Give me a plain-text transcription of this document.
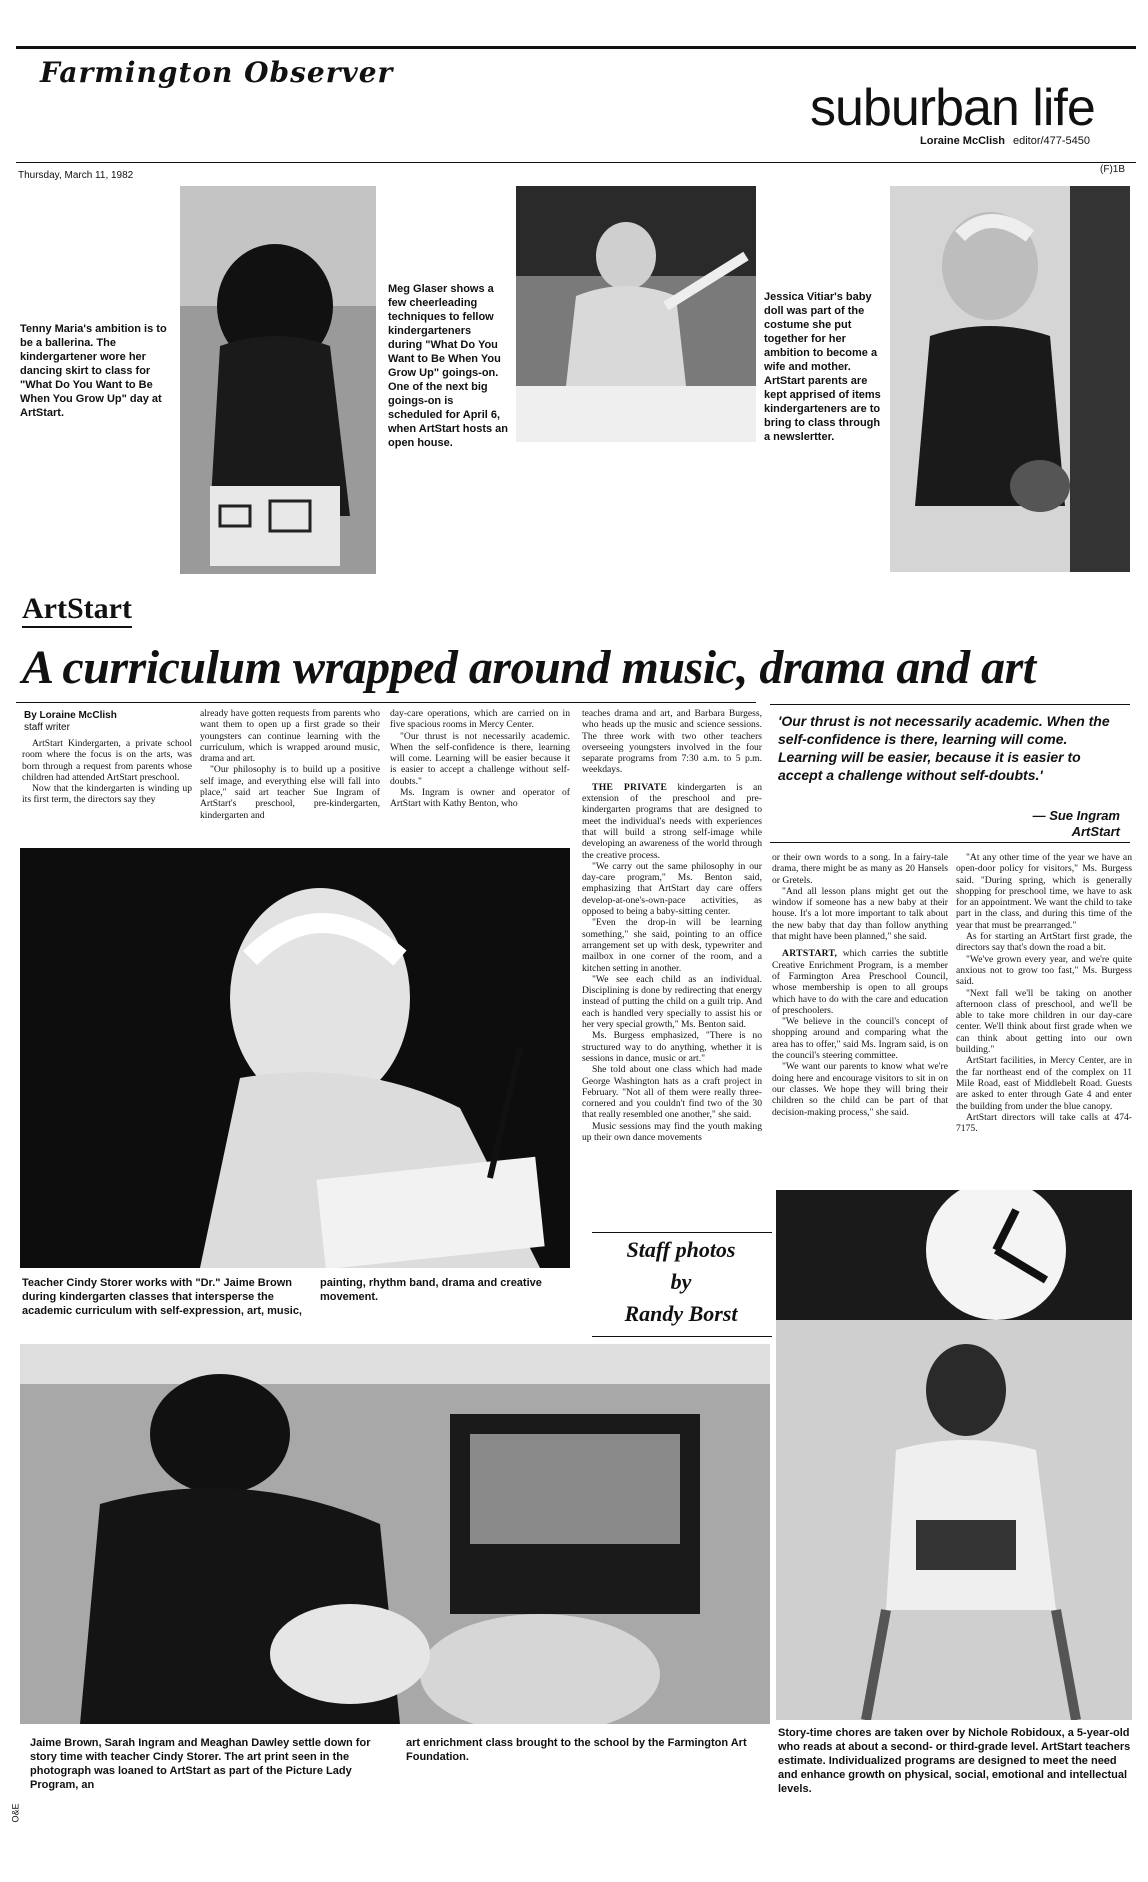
Farmington Observer
suburban life
Loraine McClish editor/477-5450
Thursday, March 11, 1982
(F)1B

Tenny Maria's ambition is to be a ballerina. The kindergartener wore her dancing skirt to class for "What Do You Want to Be When You Grow Up" day at ArtStart.

Meg Glaser shows a few cheerleading techniques to fellow kindergarteners during "What Do You Want to Be When You Grow Up" goings-on. One of the next big goings-on is scheduled for April 6, when ArtStart hosts an open house.

Jessica Vitiar's baby doll was part of the costume she put together for her ambition to become a wife and mother. ArtStart parents are kept apprised of items kindergarteners are to bring to class through a newslertter.

ArtStart
A curriculum wrapped around music, drama and art
By Loraine McClish
staff writer

ArtStart Kindergarten, a private school room where the focus is on the arts, was born through a request from parents whose children had attended ArtStart preschool.

Now that the kindergarten is winding up its first term, the directors say they

already have gotten requests from parents who want them to open up a first grade so their youngsters can continue learning with the curriculum, which is wrapped around music, drama and art.

"Our philosophy is to build up a positive self image, and everything else will fall into place," said art teacher Sue Ingram of ArtStart's preschool, pre-kindergarten, kindergarten and

day-care operations, which are carried on in five spacious rooms in Mercy Center.

"Our thrust is not necessarily academic. When the self-confidence is there, learning will come. Learning will be easier because it is easier to accept a challenge without self-doubts."

Ms. Ingram is owner and operator of ArtStart with Kathy Benton, who

teaches drama and art, and Barbara Burgess, who heads up the music and science sessions. The three work with two other teachers overseeing youngsters involved in the four separate programs from 7:30 a.m. to 5 p.m. weekdays.

THE PRIVATE kindergarten is an extension of the preschool and pre-kindergarten programs that are designed to meet the individual's needs with experiences that will build a strong self-image while developing an awareness of the world through the creative process.

"We carry out the same philosophy in our day-care program," Ms. Benton said, emphasizing that ArtStart day care offers develop-at-one's-own-pace activities, as opposed to being a baby-sitting center.

"Even the drop-in will be learning something," she said, pointing to an office arrangement set up with desk, typewriter and mailbox in one corner of the room, and a kitchen setting in another.

"We see each child as an individual. Disciplining is done by redirecting that energy instead of putting the child on a guilt trip. And each is handled very specially to assist his or her very special growth," Ms. Benton said.

Ms. Burgess emphasized, "There is no structured way to do anything, whether it is sessions in dance, music or art."

She told about one class which had made George Washington hats as a craft project in February. "Not all of them were really three-cornered and you couldn't find two of the 30 that really resembled one another," she said.

Music sessions may find the youth making up their own dance movements

'Our thrust is not necessarily academic. When the self-confidence is there, learning will come. Learning will be easier, because it is easier to accept a challenge without self-doubts.'
— Sue Ingram
ArtStart

Teacher Cindy Storer works with "Dr." Jaime Brown during kindergarten classes that intersperse the academic curriculum with self-expression, art, music,

painting, rhythm band, drama and creative movement.

or their own words to a song. In a fairy-tale drama, there might be as many as 20 Hansels or Gretels.

"And all lesson plans might get out the window if someone has a new baby at their house. It's a lot more important to talk about the new baby that day than follow anything that might have been planned," she said.

ARTSTART, which carries the subtitle Creative Enrichment Program, is a member of Farmington Area Preschool Council, whose membership is open to all groups which have to do with the care and education of preschoolers.

"We believe in the council's concept of shopping around and comparing what the area has to offer," said Ms. Ingram said, is on the council's steering committee.

"We want our parents to know what we're doing here and encourage visitors to sit in on our classes. We hope they will bring their children so the child can be part of that decision-making process," she said.

"At any other time of the year we have an open-door policy for visitors," Ms. Burgess said. "During spring, which is generally shopping for preschool time, we have to ask for an appointment. We want the child to take part in the class, and during this time of the year that must be prearranged."

As for starting an ArtStart first grade, the directors say that's down the road a bit.

"We've grown every year, and we're quite anxious not to grow too fast," Ms. Burgess said.

"Next fall we'll be taking on another afternoon class of preschool, and we'll be able to take more children in our day-care center. We'll think about first grade when we can think about getting into our own building."

ArtStart facilities, in Mercy Center, are in the far northeast end of the complex on 11 Mile Road, east of Middlebelt Road. Guests are asked to enter through Gate 4 and enter the building from under the blue canopy.

ArtStart directors will take calls at 474-7175.

Staff photos
by
Randy Borst

Jaime Brown, Sarah Ingram and Meaghan Dawley settle down for story time with teacher Cindy Storer. The art print seen in the photograph was loaned to ArtStart as part of the Picture Lady Program, an

art enrichment class brought to the school by the Farmington Art Foundation.

Story-time chores are taken over by Nichole Robidoux, a 5-year-old who reads at about a second- or third-grade level. ArtStart teachers estimate. Individualized programs are designed to meet the need and enhance growth on physical, social, emotional and intellectual levels.

O&E
